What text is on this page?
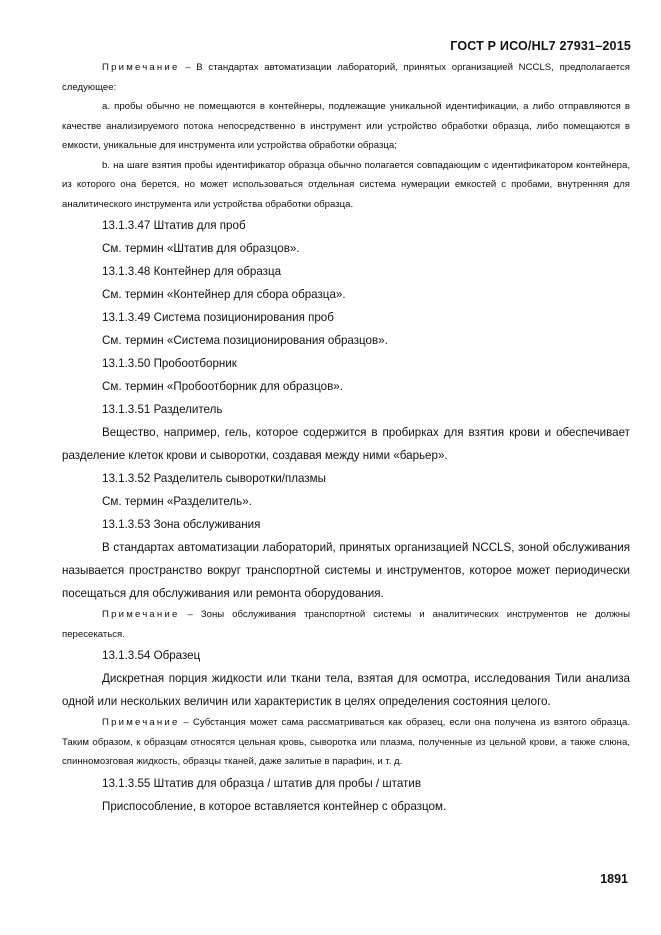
ГОСТ Р ИСО/HL7 27931–2015

Примечание – В стандартах автоматизации лабораторий, принятых организацией NCCLS, предполагается следующее:

a. пробы обычно не помещаются в контейнеры, подлежащие уникальной идентификации, а либо отправляются в качестве анализируемого потока непосредственно в инструмент или устройство обработки образца, либо помещаются в емкости, уникальные для инструмента или устройства обработки образца;

b. на шаге взятия пробы идентификатор образца обычно полагается совпадающим с идентификатором контейнера, из которого она берется, но может использоваться отдельная система нумерации емкостей с пробами, внутренняя для аналитического инструмента или устройства обработки образца.

13.1.3.47 Штатив для проб

См. термин «Штатив для образцов».

13.1.3.48 Контейнер для образца

См. термин «Контейнер для сбора образца».

13.1.3.49 Система позиционирования проб

См. термин «Система позиционирования образцов».

13.1.3.50 Пробоотборник

См. термин «Пробоотборник для образцов».

13.1.3.51 Разделитель

Вещество, например, гель, которое содержится в пробирках для взятия крови и обеспечивает разделение клеток крови и сыворотки, создавая между ними «барьер».

13.1.3.52 Разделитель сыворотки/плазмы

См. термин «Разделитель».

13.1.3.53 Зона обслуживания

В стандартах автоматизации лабораторий, принятых организацией NCCLS, зоной обслуживания называется пространство вокруг транспортной системы и инструментов, которое может периодически посещаться для обслуживания или ремонта оборудования.

Примечание – Зоны обслуживания транспортной системы и аналитических инструментов не должны пересекаться.

13.1.3.54 Образец

Дискретная порция жидкости или ткани тела, взятая для осмотра, исследования Тили анализа одной или нескольких величин или характеристик в целях определения состояния целого.

Примечание – Субстанция может сама рассматриваться как образец, если она получена из взятого образца. Таким образом, к образцам относятся цельная кровь, сыворотка или плазма, полученные из цельной крови, а также слюна, спинномозговая жидкость, образцы тканей, даже залитые в парафин, и т. д.

13.1.3.55 Штатив для образца / штатив для пробы / штатив

Приспособление, в которое вставляется контейнер с образцом.

1891
